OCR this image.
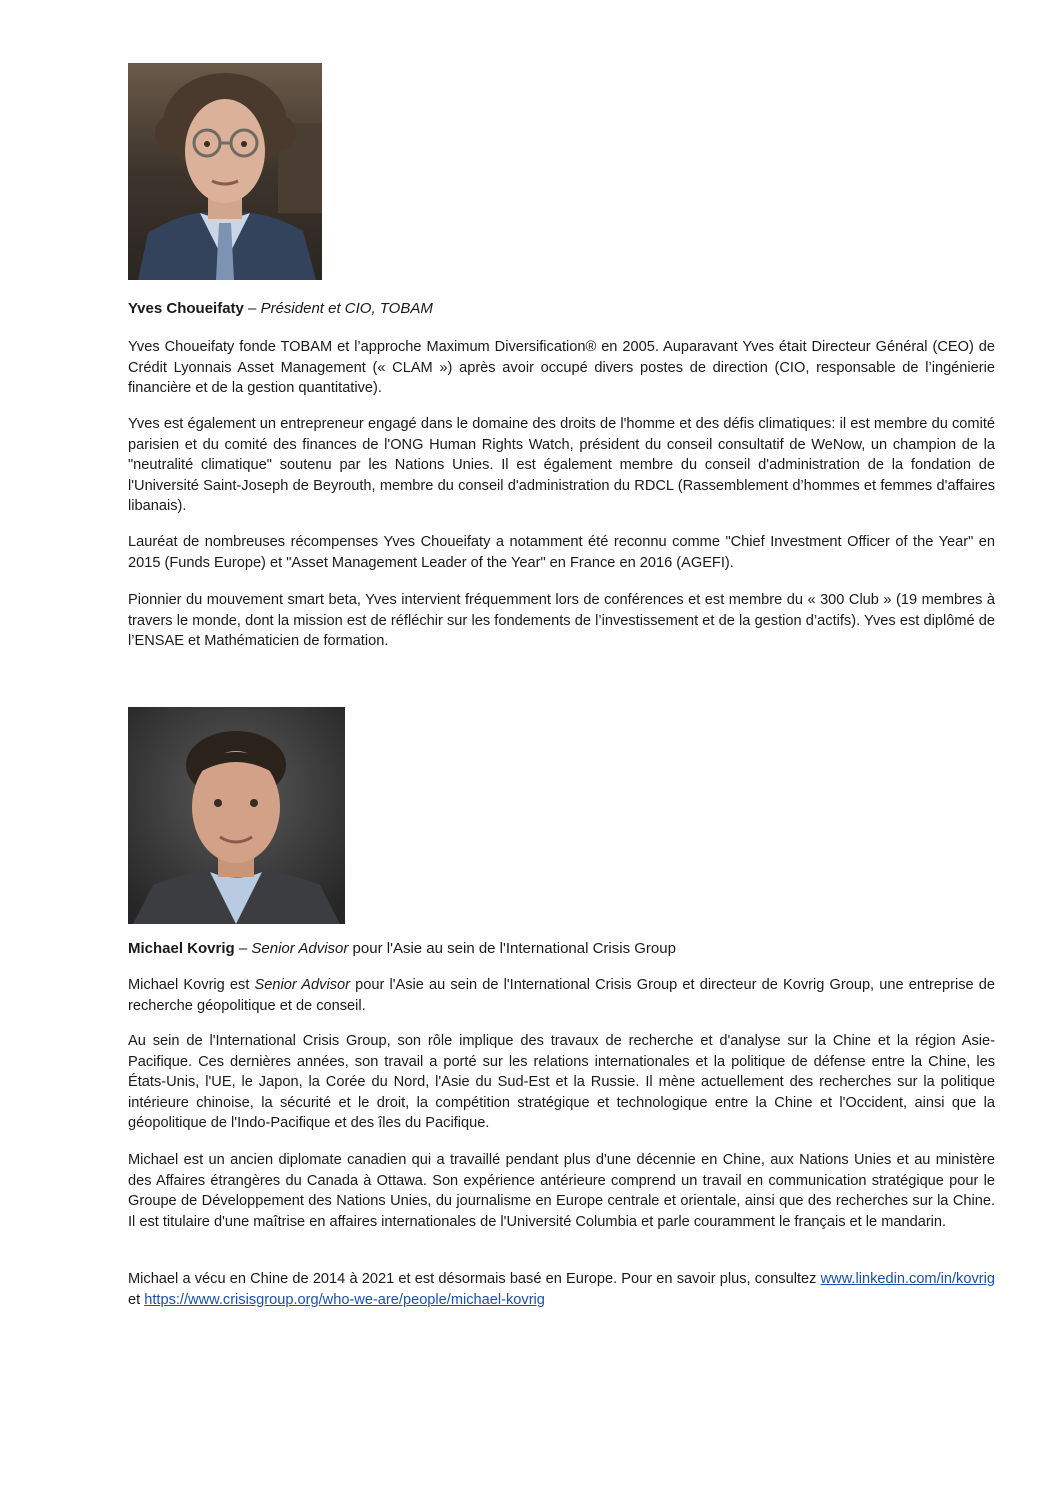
Yves Choueifaty – Président et CIO, TOBAM

Yves Choueifaty fonde TOBAM et l’approche Maximum Diversification® en 2005. Auparavant Yves était Directeur Général (CEO) de Crédit Lyonnais Asset Management (« CLAM ») après avoir occupé divers postes de direction (CIO, responsable de l’ingénierie financière et de la gestion quantitative).

Yves est également un entrepreneur engagé dans le domaine des droits de l'homme et des défis climatiques: il est membre du comité parisien et du comité des finances de l'ONG Human Rights Watch, président du conseil consultatif de WeNow, un champion de la "neutralité climatique" soutenu par les Nations Unies. Il est également membre du conseil d'administration de la fondation de l'Université Saint-Joseph de Beyrouth, membre du conseil d'administration du RDCL (Rassemblement d’hommes et femmes d'affaires libanais).

Lauréat de nombreuses récompenses Yves Choueifaty a notamment été reconnu comme "Chief Investment Officer of the Year" en 2015 (Funds Europe) et "Asset Management Leader of the Year" en France en 2016 (AGEFI).

Pionnier du mouvement smart beta, Yves intervient fréquemment lors de conférences et est membre du « 300 Club » (19 membres à travers le monde, dont la mission est de réfléchir sur les fondements de l’investissement et de la gestion d’actifs). Yves est diplômé de l’ENSAE et Mathématicien de formation.

Michael Kovrig – Senior Advisor pour l'Asie au sein de l'International Crisis Group

Michael Kovrig est Senior Advisor pour l'Asie au sein de l'International Crisis Group et directeur de Kovrig Group, une entreprise de recherche géopolitique et de conseil.

Au sein de l'International Crisis Group, son rôle implique des travaux de recherche et d'analyse sur la Chine et la région Asie-Pacifique. Ces dernières années, son travail a porté sur les relations internationales et la politique de défense entre la Chine, les États-Unis, l'UE, le Japon, la Corée du Nord, l'Asie du Sud-Est et la Russie. Il mène actuellement des recherches sur la politique intérieure chinoise, la sécurité et le droit, la compétition stratégique et technologique entre la Chine et l'Occident, ainsi que la géopolitique de l'Indo-Pacifique et des îles du Pacifique.

Michael est un ancien diplomate canadien qui a travaillé pendant plus d'une décennie en Chine, aux Nations Unies et au ministère des Affaires étrangères du Canada à Ottawa. Son expérience antérieure comprend un travail en communication stratégique pour le Groupe de Développement des Nations Unies, du journalisme en Europe centrale et orientale, ainsi que des recherches sur la Chine. Il est titulaire d'une maîtrise en affaires internationales de l'Université Columbia et parle couramment le français et le mandarin.

Michael a vécu en Chine de 2014 à 2021 et est désormais basé en Europe. Pour en savoir plus, consultez www.linkedin.com/in/kovrig et https://www.crisisgroup.org/who-we-are/people/michael-kovrig
